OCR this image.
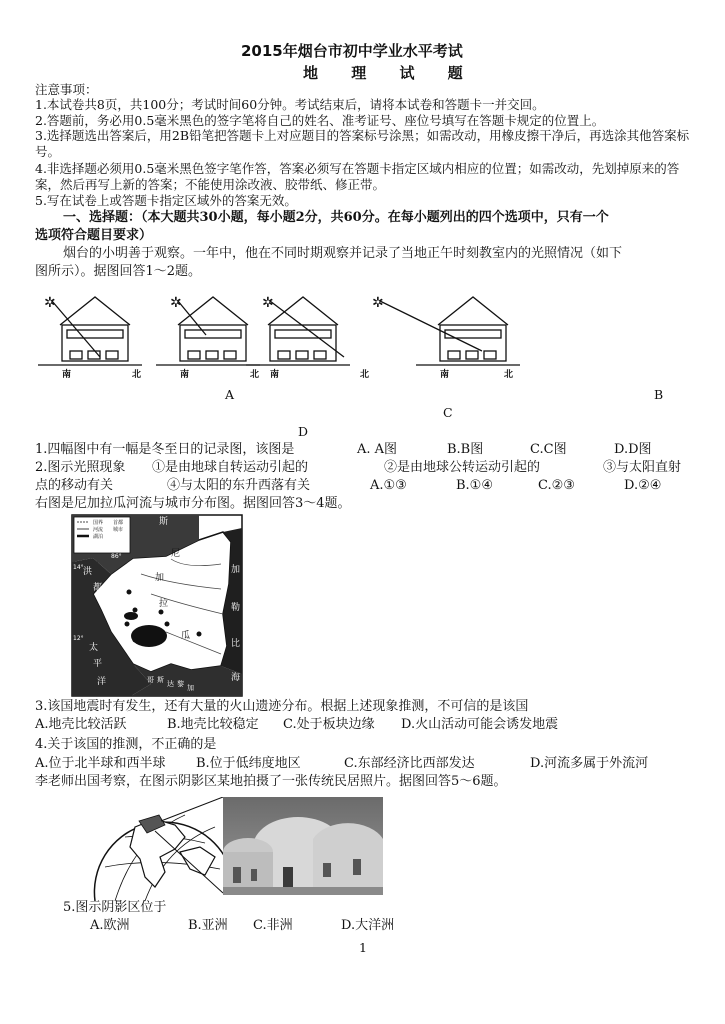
2015年烟台市初中学业水平考试
地 理 试 题
注意事项：
1.本试卷共8页，共100分；考试时间60分钟。考试结束后，请将本试卷和答题卡一并交回。
2.答题前，务必用0.5毫米黑色的签字笔将自己的姓名、准考证号、座位号填写在答题卡规定的位置上。
3.选择题选出答案后，用2B铅笔把答题卡上对应题目的答案标号涂黑；如需改动，用橡皮擦干净后，再选涂其他答案标
号。
4.非选择题必须用0.5毫米黑色签字笔作答，答案必须写在答题卡指定区域内相应的位置；如需改动，先划掉原来的答
案，然后再写上新的答案；不能使用涂改液、胶带纸、修正带。
5.写在试卷上或答题卡指定区域外的答案无效。
一、选择题：（本大题共30小题，每小题2分，共60分。在每小题列出的四个选项中，只有一个
选项符合题目要求）
烟台的小明善于观察。一年中，他在不同时期观察并记录了当地正午时刻教室内的光照情况（如下
图所示）。据图回答1～2题。
✲	✲	✲	✲
南	北	南	北 南	北	南	北
A	B
C
D
1.四幅图中有一幅是冬至日的记录图，该图是	A. A图	B.B图	C.C图	D.D图
2.图示光照现象 ①是由地球自转运动引起的	②是由地球公转运动引起的	③与太阳直射
点的移动有关	④与太阳的东升西落有关	A.①③	B.①④	C.②③	D.②④
右图是尼加拉瓜河流与城市分布图。据图回答3～4题。
国界
河流
湖泊
首都
城市
86°
14°
12°
84°
洪
都
拉
斯
尼
加
拉
瓜
加
勒
比
海
太
平
洋	哥 斯 达 黎 加
3.该国地震时有发生，还有大量的火山遗迹分布。根据上述现象推测，不可信的是该国
A.地壳比较活跃	B.地壳比较稳定 C.处于板块边缘 D.火山活动可能会诱发地震
4.关于该国的推测，不正确的是
A.位于北半球和西半球 B.位于低纬度地区	C.东部经济比西部发达	D.河流多属于外流河
李老师出国考察，在图示阴影区某地拍摄了一张传统民居照片。据图回答5～6题。
5.图示阴影区位于
A.欧洲	B.亚洲 C.非洲	D.大洋洲
1
